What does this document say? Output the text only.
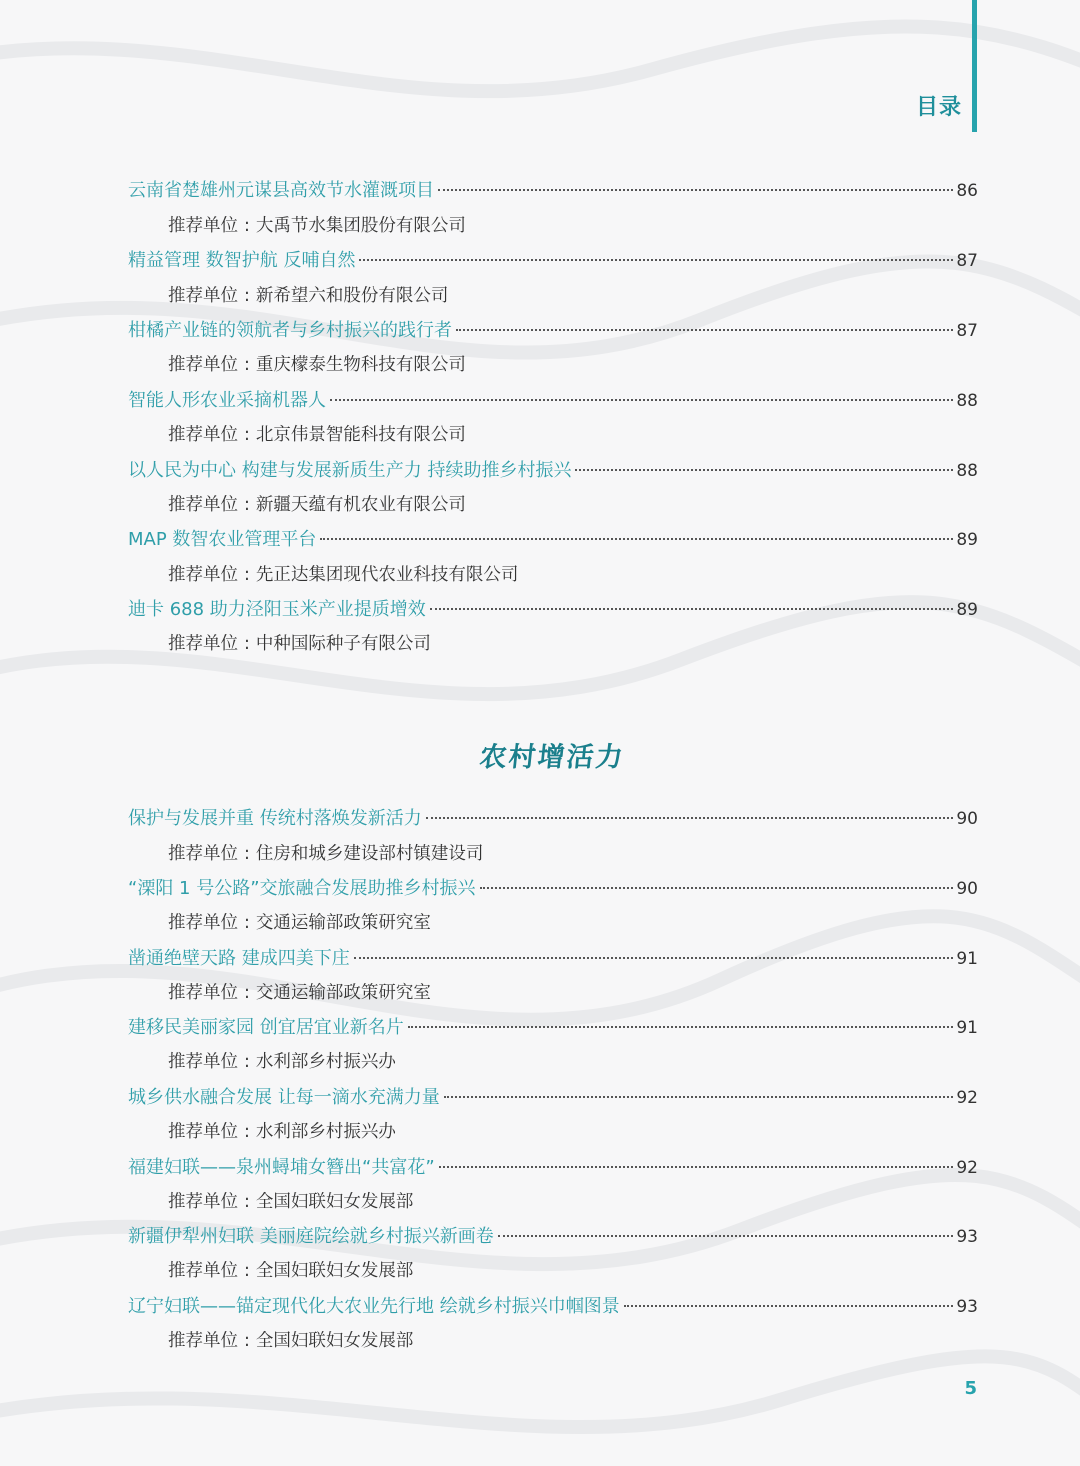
目录
云南省楚雄州元谋县高效节水灌溉项目	86
推荐单位 : 大禹节水集团股份有限公司
精益管理 数智护航 反哺自然	87
推荐单位 : 新希望六和股份有限公司
柑橘产业链的领航者与乡村振兴的践行者	87
推荐单位 : 重庆檬泰生物科技有限公司
智能人形农业采摘机器人	88
推荐单位 : 北京伟景智能科技有限公司
以人民为中心 构建与发展新质生产力 持续助推乡村振兴	88
推荐单位 : 新疆天蕴有机农业有限公司
MAP 数智农业管理平台	89
推荐单位 : 先正达集团现代农业科技有限公司
迪卡 688 助力泾阳玉米产业提质增效	89
推荐单位 : 中种国际种子有限公司
保护与发展并重 传统村落焕发新活力	90
推荐单位 : 住房和城乡建设部村镇建设司
“溧阳 1 号公路”交旅融合发展助推乡村振兴	90
推荐单位 : 交通运输部政策研究室
凿通绝壁天路 建成四美下庄	91
推荐单位 : 交通运输部政策研究室
建移民美丽家园 创宜居宜业新名片	91
推荐单位 : 水利部乡村振兴办
城乡供水融合发展 让每一滴水充满力量	92
推荐单位 : 水利部乡村振兴办
福建妇联——泉州蟳埔女簪出“共富花”	92
推荐单位 : 全国妇联妇女发展部
新疆伊犁州妇联 美丽庭院绘就乡村振兴新画卷	93
推荐单位 : 全国妇联妇女发展部
辽宁妇联——锚定现代化大农业先行地 绘就乡村振兴巾帼图景	93
推荐单位 : 全国妇联妇女发展部
农村增活力
5
